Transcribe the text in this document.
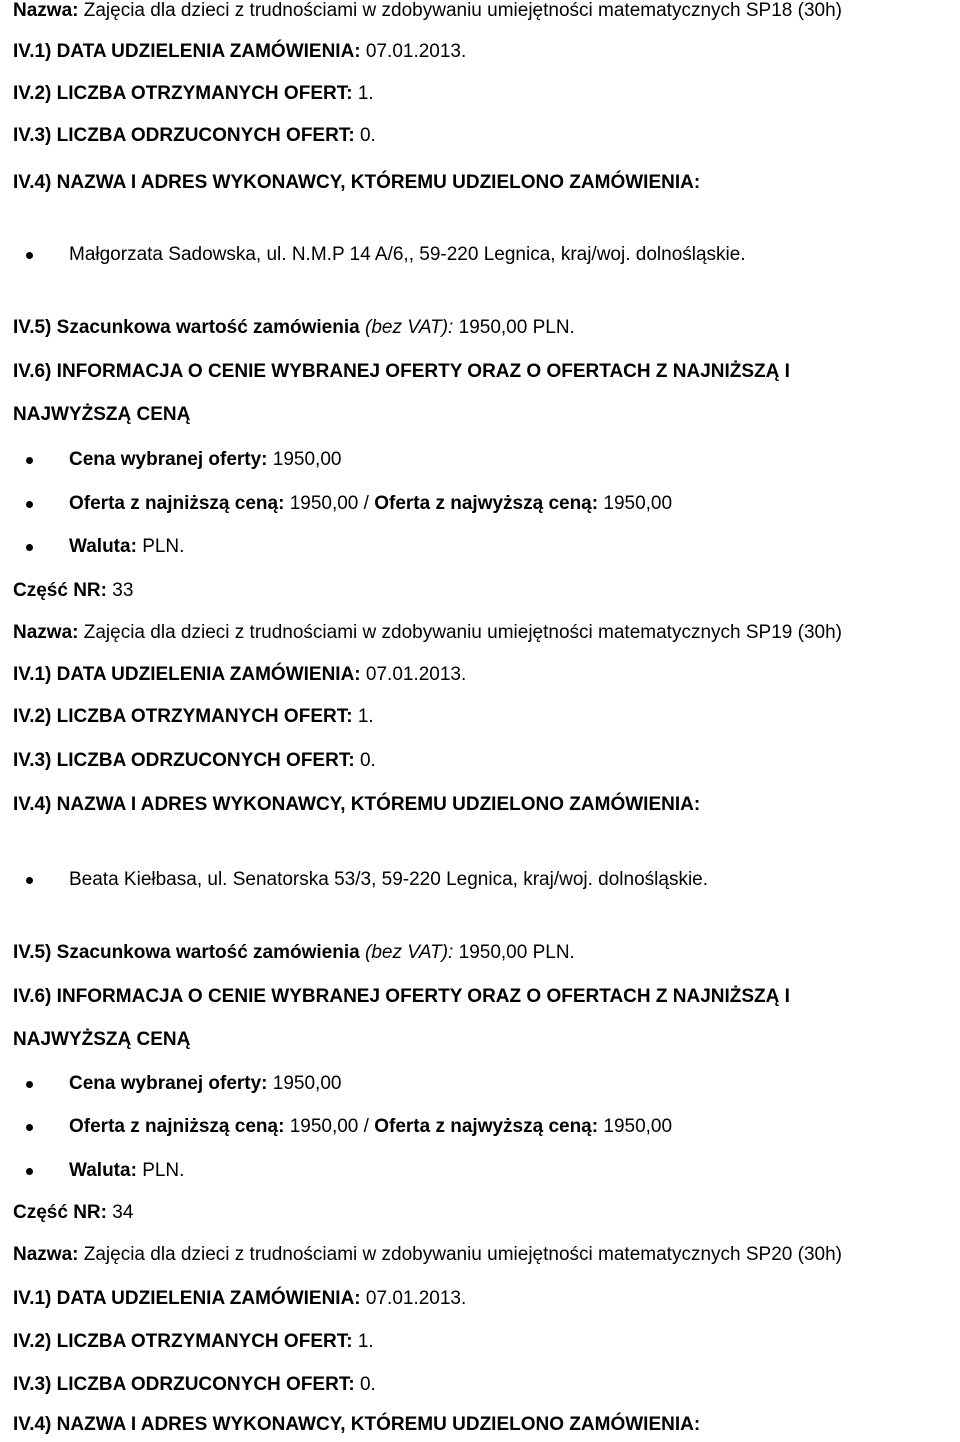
Nazwa: Zajęcia dla dzieci z trudnościami w zdobywaniu umiejętności matematycznych SP18 (30h)
IV.1) DATA UDZIELENIA ZAMÓWIENIA: 07.01.2013.
IV.2) LICZBA OTRZYMANYCH OFERT: 1.
IV.3) LICZBA ODRZUCONYCH OFERT: 0.
IV.4) NAZWA I ADRES WYKONAWCY, KTÓREMU UDZIELONO ZAMÓWIENIA:
Małgorzata Sadowska, ul. N.M.P 14 A/6,, 59-220 Legnica, kraj/woj. dolnośląskie.
IV.5) Szacunkowa wartość zamówienia (bez VAT): 1950,00 PLN.
IV.6) INFORMACJA O CENIE WYBRANEJ OFERTY ORAZ O OFERTACH Z NAJNIŻSZĄ I
NAJWYŻSZĄ CENĄ
Cena wybranej oferty: 1950,00
Oferta z najniższą ceną: 1950,00 / Oferta z najwyższą ceną: 1950,00
Waluta: PLN.
Część NR: 33
Nazwa: Zajęcia dla dzieci z trudnościami w zdobywaniu umiejętności matematycznych SP19 (30h)
IV.1) DATA UDZIELENIA ZAMÓWIENIA: 07.01.2013.
IV.2) LICZBA OTRZYMANYCH OFERT: 1.
IV.3) LICZBA ODRZUCONYCH OFERT: 0.
IV.4) NAZWA I ADRES WYKONAWCY, KTÓREMU UDZIELONO ZAMÓWIENIA:
Beata Kiełbasa, ul. Senatorska 53/3, 59-220 Legnica, kraj/woj. dolnośląskie.
IV.5) Szacunkowa wartość zamówienia (bez VAT): 1950,00 PLN.
IV.6) INFORMACJA O CENIE WYBRANEJ OFERTY ORAZ O OFERTACH Z NAJNIŻSZĄ I
NAJWYŻSZĄ CENĄ
Cena wybranej oferty: 1950,00
Oferta z najniższą ceną: 1950,00 / Oferta z najwyższą ceną: 1950,00
Waluta: PLN.
Część NR: 34
Nazwa: Zajęcia dla dzieci z trudnościami w zdobywaniu umiejętności matematycznych SP20 (30h)
IV.1) DATA UDZIELENIA ZAMÓWIENIA: 07.01.2013.
IV.2) LICZBA OTRZYMANYCH OFERT: 1.
IV.3) LICZBA ODRZUCONYCH OFERT: 0.
IV.4) NAZWA I ADRES WYKONAWCY, KTÓREMU UDZIELONO ZAMÓWIENIA:
